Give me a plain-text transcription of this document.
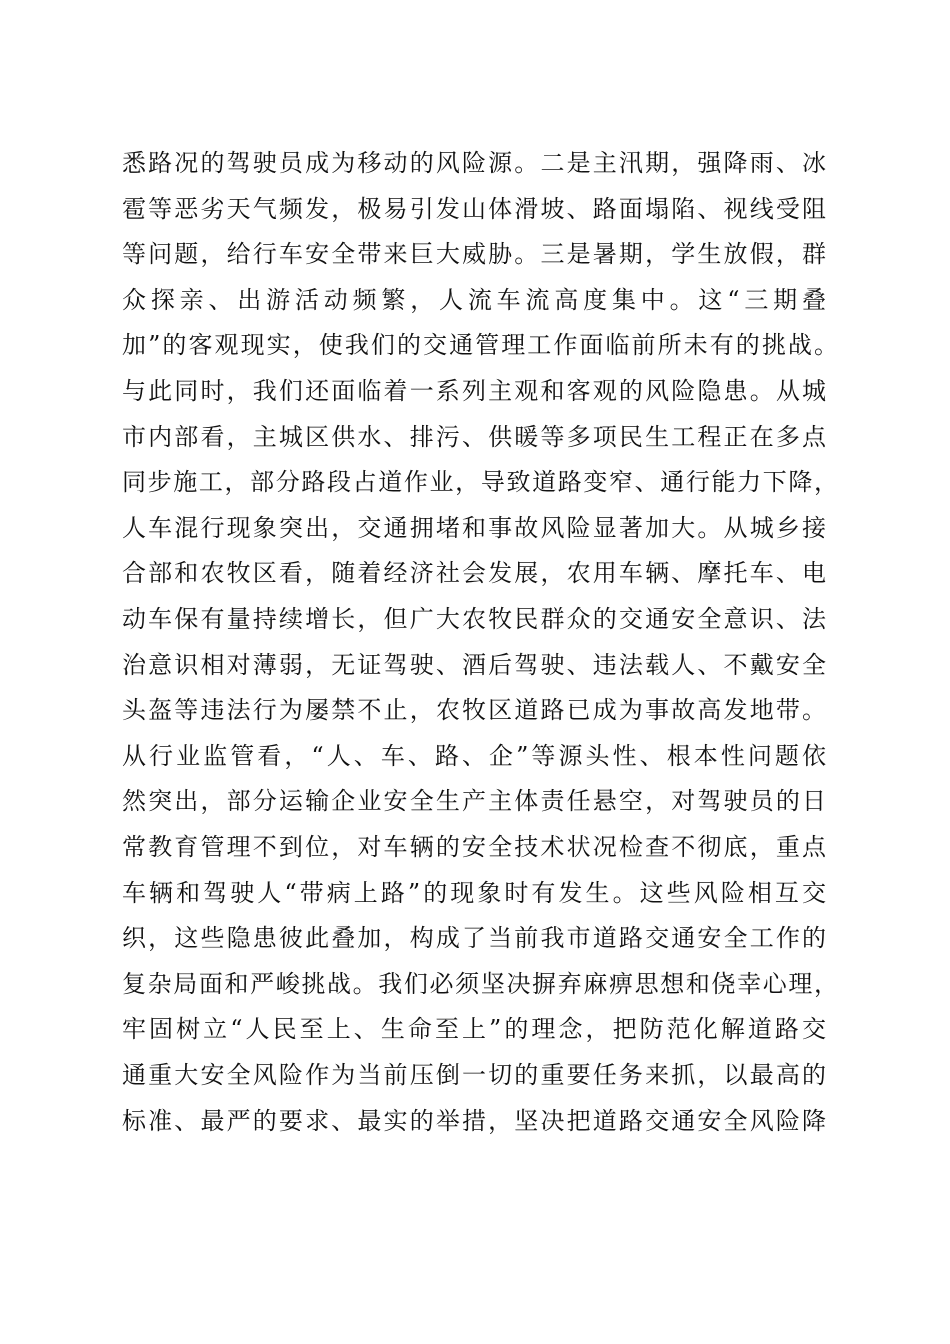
悉路况的驾驶员成为移动的风险源。二是主汛期，强降雨、冰
雹等恶劣天气频发，极易引发山体滑坡、路面塌陷、视线受阻
等问题，给行车安全带来巨大威胁。三是暑期，学生放假，群
众探亲、出游活动频繁，人流车流高度集中。这“三期叠
加”的客观现实，使我们的交通管理工作面临前所未有的挑战。
与此同时，我们还面临着一系列主观和客观的风险隐患。从城
市内部看，主城区供水、排污、供暖等多项民生工程正在多点
同步施工，部分路段占道作业，导致道路变窄、通行能力下降，
人车混行现象突出，交通拥堵和事故风险显著加大。从城乡接
合部和农牧区看，随着经济社会发展，农用车辆、摩托车、电
动车保有量持续增长，但广大农牧民群众的交通安全意识、法
治意识相对薄弱，无证驾驶、酒后驾驶、违法载人、不戴安全
头盔等违法行为屡禁不止，农牧区道路已成为事故高发地带。
从行业监管看，“人、车、路、企”等源头性、根本性问题依
然突出，部分运输企业安全生产主体责任悬空，对驾驶员的日
常教育管理不到位，对车辆的安全技术状况检查不彻底，重点
车辆和驾驶人“带病上路”的现象时有发生。这些风险相互交
织，这些隐患彼此叠加，构成了当前我市道路交通安全工作的
复杂局面和严峻挑战。我们必须坚决摒弃麻痹思想和侥幸心理，
牢固树立“人民至上、生命至上”的理念，把防范化解道路交
通重大安全风险作为当前压倒一切的重要任务来抓，以最高的
标准、最严的要求、最实的举措，坚决把道路交通安全风险降
